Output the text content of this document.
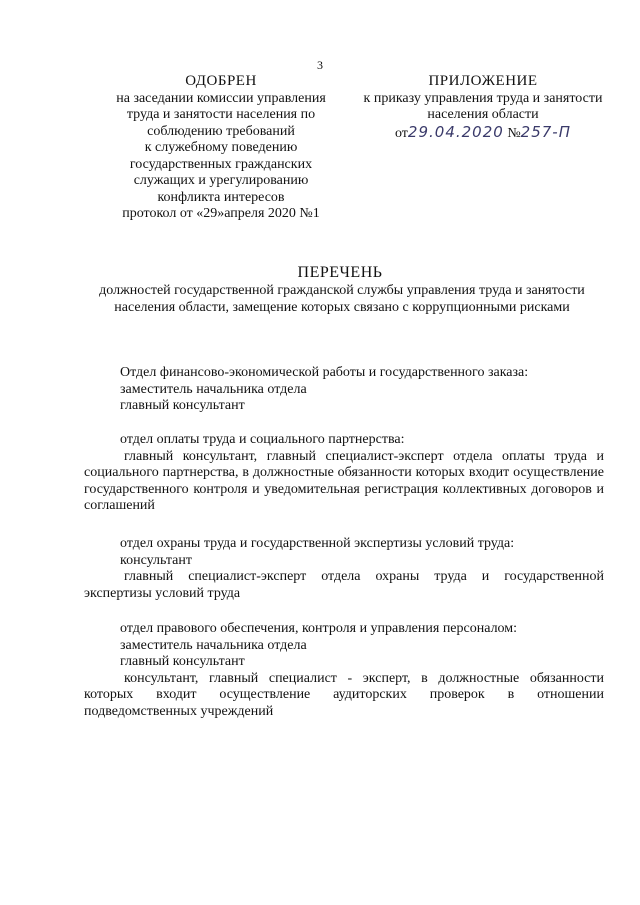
3
ОДОБРЕН
на заседании комиссии управления
труда и занятости населения по
соблюдению требований
к служебному поведению
государственных гражданских
служащих и урегулированию
конфликта интересов
протокол от «29»апреля 2020 №1
ПРИЛОЖЕНИЕ
к приказу управления труда и занятости
населения области
от29.04.2020 №257-П
ПЕРЕЧЕНЬ
должностей государственной гражданской службы управления труда и занятости населения области, замещение которых связано с коррупционными рисками
Отдел финансово-экономической работы и государственного заказа:
заместитель начальника отдела
главный консультант
отдел оплаты труда и социального партнерства:
главный консультант, главный специалист-эксперт отдела оплаты труда и социального партнерства, в должностные обязанности которых входит осуществление государственного контроля и уведомительная регистрация коллективных договоров и соглашений
отдел охраны труда и государственной экспертизы условий труда:
консультант
главный специалист-эксперт отдела охраны труда и государственной экспертизы условий труда
отдел правового обеспечения, контроля и управления персоналом:
заместитель начальника отдела
главный консультант
консультант, главный специалист - эксперт, в должностные обязанности которых входит осуществление аудиторских проверок в отношении подведомственных учреждений
